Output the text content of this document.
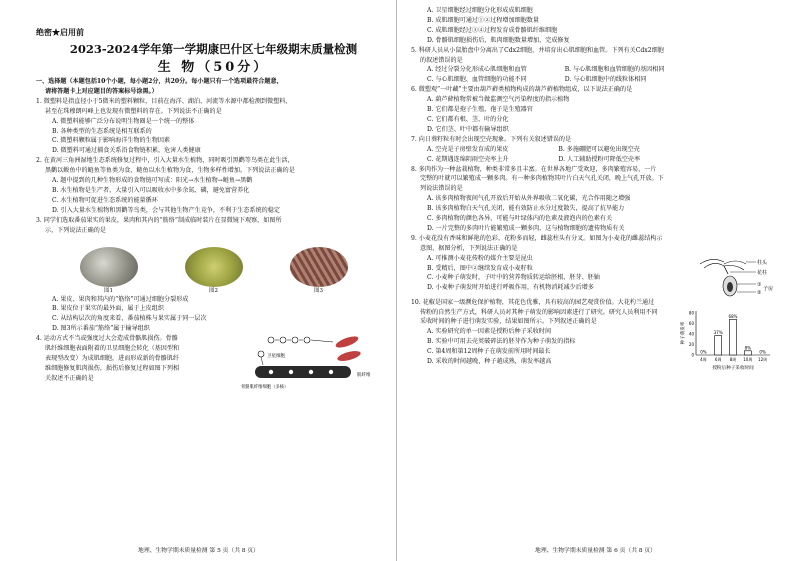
绝密★启用前
2023-2024学年第一学期康巴什区七年级期末质量检测
生 物（50分）
一、选择题（本题包括10个小题，每小题2分，共20分。每小题只有一个选项最符合题意，
请将答题卡上对应题目的答案标号涂黑。）
1. 微塑料是指直径小于5微米的塑料颗粒，目前在海洋、湖泊、河流等水源中都检测到微塑料，
甚至在珠穆朗玛峰上也发现有微塑料的存在。下列说法不正确的是
A. 微塑料能够广泛分布说明生物圈是一个统一的整体
B. 各种类型的生态系统是相互联系的
C. 微塑料颗粒属于影响海洋生物的生物因素
D. 微塑料可通过捕食关系沿食物链积累，危害人类健康
2. 在黄河三角洲湿地生态系统修复过程中，引入大量水生植物，同时吸引黑鹳等鸟类在此生活，
黑鹳以鲅鱼中的鲢鱼等鱼类为食，鲢鱼以水生植物为食，生物多样性增加。下列说法正确的是
A. 题中提到的几种生物形成的食物链可写成：阳光→水生植物→鲢鱼→黑鹳
B. 水生植物是生产者，大量引入可以吸收水中多余氮、磷，避免富营养化
C. 水生植物可促进生态系统的能量循环
D. 引入大量水生植物和黑鹳等鸟类，会与其他生物产生竞争，不利于生态系统的稳定
3. 同学们选取番茄果实的果皮，果肉和其内的“筋络”制成临时装片在显微镜下观察，如图所
示，下列说法正确的是
图1	图2	图3
A. 果皮、果肉和其内的“筋络”可通过细胞分裂形成
B. 果皮位于果实的最外面，属于上皮组织
C. 从结构层次的角度来看，番茄植株与果实属于同一层次
D. 图3所示番茄“筋络”属于输导组织
4. 运动方式不当或强度过大会造成骨骼肌损伤。骨骼
肌纤维细胞表面附着的卫星细胞会转化（基因型和
表现型改变）为成肌细胞，进而形成新的骨骼肌纤
维细胞修复肌肉损伤，损伤后修复过程如图下列相
关叙述不正确的是
卫星细胞
骨骼肌纤维细胞（多核）
肌纤维
地理、生物学期末质量检测 第 5 页（共 8 页）
A. 卫星细胞经过细胞分化形成成肌细胞
B. 成肌细胞可通过①②过程增加细胞数量
C. 成肌细胞经过③④过程发育成骨骼肌纤维细胞
D. 骨骼肌细胞损伤后，肌肉细胞数量增加，完成修复
5. 科研人员从小鼠胎盘中分离出了Cdx2细胞，并培育出心肌细胞和血管。下列有关Cdx2细胞
的叙述错误的是
A. 经过分裂分化形成心肌细胞和血管	B. 与心肌细胞和血管细胞的基因相同
C. 与心肌细胞、血管细胞的功能不同	D. 与心肌细胞中的线粒体相同
6. 微塑观“一叶藏”主要由葫芦藓类植物构成的葫芦藓植物组成，以下说法正确的是
A. 葫芦藓植物常被当做监测空气污染程度的指示植物
B. 它们都是孢子生殖，孢子是生殖器官
C. 它们都有根、茎、叶的分化
D. 它们茎、叶中都有输导组织
7. 向日葵籽粒有时会出现空壳现象。下列有关叙述错误的是
A. 空壳是子房壁发育成的果皮	B. 多施硼肥可以避免出现空壳
C. 花期遇连绵阴雨空壳率上升	D. 人工辅助授粉可降低空壳率
8. 多肉作为一种盆栽植物，种类非常多且丰富。在世界各地广受欢迎，多肉繁殖容易，一片
完整的叶就可以繁殖成一颗多肉。有一种多肉植物其叶片白天气孔关闭，晚上气孔开放。下
列说法错误的是
A. 该多肉植物夜间气孔开放后开始从外界吸收二氧化碳，光合作用随之增强
B. 该多肉植物白天气孔关闭，能有效防止水分过度散失，提高了抗旱能力
C. 多肉植物的颜色各异，可能与叶绿体内的色素及液泡内的色素有关
D. 一片完整的多肉叶片能繁殖成一颗多肉，这与植物细胞的遗传物质有关
9. 小麦花没有香味和鲜艳的色彩，花粉多而轻，雌蕊柱头有分叉。如图为小麦花的雌蕊结构示
意图，据图分析，下列说法正确的是
A. 可推测小麦花传粉的媒介主要是昆虫
B. 受精后，图中②继续发育成小麦籽粒
C. 小麦种子萌发时，子叶中的营养物质转运给胚根、胚芽、胚轴
D. 小麦种子萌发时开始进行呼吸作用，有机物消耗减少后增多
柱头
花柱
①
②
子房
10. 花椒是国家一级濒危保护植物，其花色优雅，具有较高的园艺观赏价值。大花杓兰通过
传粉的自然生产方式，科研人员对其种子萌发的影响因素进行了研究。研究人员利用不同
采收时间的种子进行萌发实验，结果如图所示。下列叙述正确的是
A. 实验研究的单一因素是授粉后种子采收时间
B. 实验中可用去壳荚破碎法的胚芽作为种子萌发的指标
C. 第4周和第12周种子在萌发前所用时间最长
D. 采收的时间越晚，种子越成熟，萌发率越高
80
60
40
20
0
0%
4周
37%
6周
68%
8周
8%
10周
0%
12周
种子萌发率
授粉后种子采收时间
地理、生物学期末质量检测 第 6 页（共 8 页）
